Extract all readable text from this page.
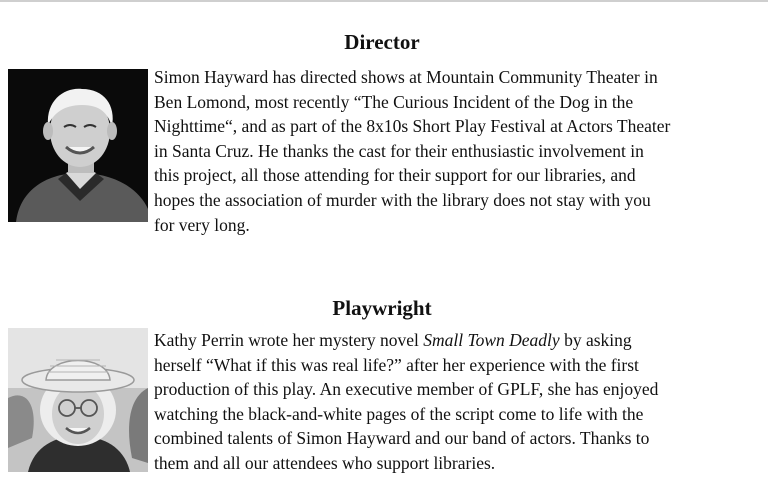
Director
Simon Hayward has directed shows at Mountain Community Theater in
Ben Lomond, most recently “The Curious Incident of the Dog in the
Nighttime“, and as part of the 8x10s Short Play Festival at Actors Theater
in Santa Cruz. He thanks the cast for their enthusiastic involvement in
this project, all those attending for their support for our libraries, and
hopes the association of murder with the library does not stay with you
for very long.
Playwright
Kathy Perrin wrote her mystery novel Small Town Deadly by asking
herself “What if this was real life?” after her experience with the first
production of this play. An executive member of GPLF, she has enjoyed
watching the black-and-white pages of the script come to life with the
combined talents of Simon Hayward and our band of actors. Thanks to
them and all our attendees who support libraries.
